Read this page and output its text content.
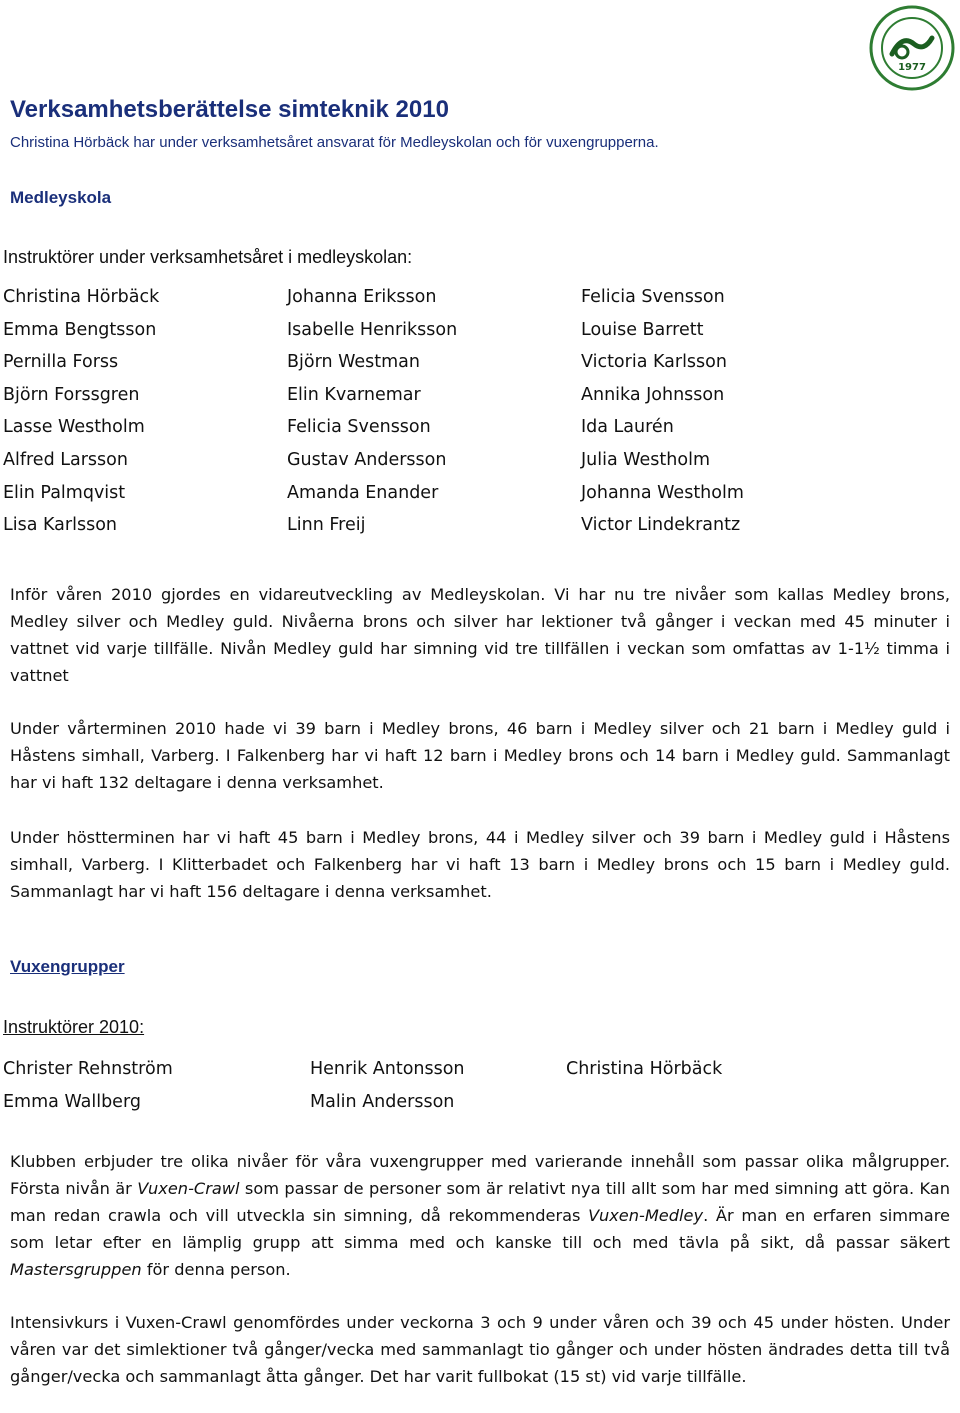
1977
Verksamhetsberättelse simteknik 2010
Christina Hörbäck har under verksamhetsåret ansvarat för Medleyskolan och för vuxengrupperna.
Medleyskola
Instruktörer under verksamhetsåret i medleyskolan:
Christina Hörbäck
Emma Bengtsson
Pernilla Forss
Björn Forssgren
Lasse Westholm
Alfred Larsson
Elin Palmqvist
Lisa Karlsson
Johanna Eriksson
Isabelle Henriksson
Björn Westman
Elin Kvarnemar
Felicia Svensson
Gustav Andersson
Amanda Enander
Linn Freij
Felicia Svensson
Louise Barrett
Victoria Karlsson
Annika Johnsson
Ida Laurén
Julia Westholm
Johanna Westholm
Victor Lindekrantz
Inför våren 2010 gjordes en vidareutveckling av Medleyskolan. Vi har nu tre nivåer som kallas Medley brons, Medley silver och Medley guld. Nivåerna brons och silver har lektioner två gånger i veckan med 45 minuter i vattnet vid varje tillfälle. Nivån Medley guld har simning vid tre tillfällen i veckan som omfattas av 1-1½ timma i vattnet
Under vårterminen 2010 hade vi 39 barn i Medley brons, 46 barn i Medley silver och 21 barn i Medley guld i Håstens simhall, Varberg. I Falkenberg har vi haft 12 barn i Medley brons och 14 barn i Medley guld. Sammanlagt har vi haft 132 deltagare i denna verksamhet.
Under höstterminen har vi haft 45 barn i Medley brons, 44 i Medley silver och 39 barn i Medley guld i Håstens simhall, Varberg. I Klitterbadet och Falkenberg har vi haft 13 barn i Medley brons och 15 barn i Medley guld. Sammanlagt har vi haft 156 deltagare i denna verksamhet.
Vuxengrupper
Instruktörer 2010:
Christer Rehnström
Emma Wallberg
Henrik Antonsson
Malin Andersson
Christina Hörbäck
Klubben erbjuder tre olika nivåer för våra vuxengrupper med varierande innehåll som passar olika målgrupper. Första nivån är Vuxen-Crawl som passar de personer som är relativt nya till allt som har med simning att göra. Kan man redan crawla och vill utveckla sin simning, då rekommenderas Vuxen-Medley. Är man en erfaren simmare som letar efter en lämplig grupp att simma med och kanske till och med tävla på sikt, då passar säkert Mastersgruppen för denna person.
Intensivkurs i Vuxen-Crawl genomfördes under veckorna 3 och 9 under våren och 39 och 45 under hösten. Under våren var det simlektioner två gånger/vecka med sammanlagt tio gånger och under hösten ändrades detta till två gånger/vecka och sammanlagt åtta gånger. Det har varit fullbokat (15 st) vid varje tillfälle.
